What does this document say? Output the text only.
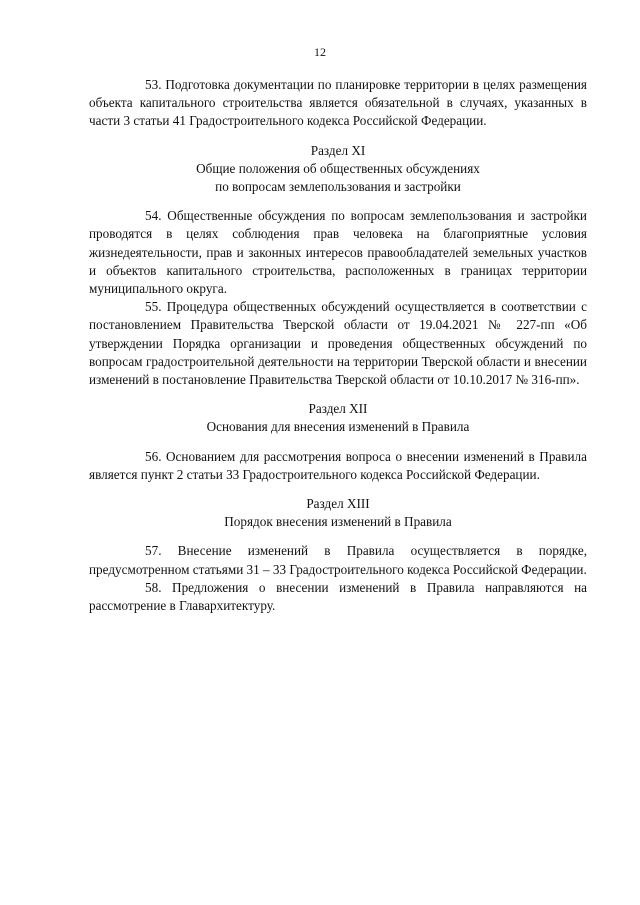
12

53. Подготовка документации по планировке территории в целях размещения объекта капитального строительства является обязательной в случаях, указанных в части 3 статьи 41 Градостроительного кодекса Российской Федерации.

Раздел XI
Общие положения об общественных обсуждениях
по вопросам землепользования и застройки

54. Общественные обсуждения по вопросам землепользования и застройки проводятся в целях соблюдения прав человека на благоприятные условия жизнедеятельности, прав и законных интересов правообладателей земельных участков и объектов капитального строительства, расположенных в границах территории муниципального округа.

55. Процедура общественных обсуждений осуществляется в соответствии с постановлением Правительства Тверской области от 19.04.2021 № 227-пп «Об утверждении Порядка организации и проведения общественных обсуждений по вопросам градостроительной деятельности на территории Тверской области и внесении изменений в постановление Правительства Тверской области от 10.10.2017 № 316-пп».

Раздел XII
Основания для внесения изменений в Правила

56. Основанием для рассмотрения вопроса о внесении изменений в Правила является пункт 2 статьи 33 Градостроительного кодекса Российской Федерации.

Раздел XIII
Порядок внесения изменений в Правила

57. Внесение изменений в Правила осуществляется в порядке, предусмотренном статьями 31 – 33 Градостроительного кодекса Российской Федерации.

58. Предложения о внесении изменений в Правила направляются на рассмотрение в Главархитектуру.
